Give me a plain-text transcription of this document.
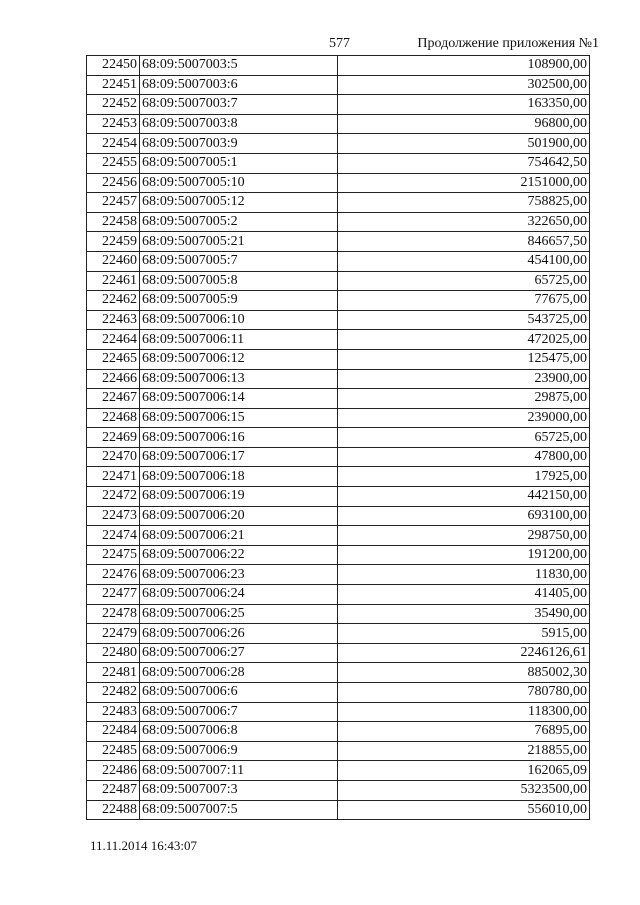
577	Продолжение приложения №1
22450	68:09:5007003:5	108900,00
22451	68:09:5007003:6	302500,00
22452	68:09:5007003:7	163350,00
22453	68:09:5007003:8	96800,00
22454	68:09:5007003:9	501900,00
22455	68:09:5007005:1	754642,50
22456	68:09:5007005:10	2151000,00
22457	68:09:5007005:12	758825,00
22458	68:09:5007005:2	322650,00
22459	68:09:5007005:21	846657,50
22460	68:09:5007005:7	454100,00
22461	68:09:5007005:8	65725,00
22462	68:09:5007005:9	77675,00
22463	68:09:5007006:10	543725,00
22464	68:09:5007006:11	472025,00
22465	68:09:5007006:12	125475,00
22466	68:09:5007006:13	23900,00
22467	68:09:5007006:14	29875,00
22468	68:09:5007006:15	239000,00
22469	68:09:5007006:16	65725,00
22470	68:09:5007006:17	47800,00
22471	68:09:5007006:18	17925,00
22472	68:09:5007006:19	442150,00
22473	68:09:5007006:20	693100,00
22474	68:09:5007006:21	298750,00
22475	68:09:5007006:22	191200,00
22476	68:09:5007006:23	11830,00
22477	68:09:5007006:24	41405,00
22478	68:09:5007006:25	35490,00
22479	68:09:5007006:26	5915,00
22480	68:09:5007006:27	2246126,61
22481	68:09:5007006:28	885002,30
22482	68:09:5007006:6	780780,00
22483	68:09:5007006:7	118300,00
22484	68:09:5007006:8	76895,00
22485	68:09:5007006:9	218855,00
22486	68:09:5007007:11	162065,09
22487	68:09:5007007:3	5323500,00
22488	68:09:5007007:5	556010,00
11.11.2014 16:43:07
